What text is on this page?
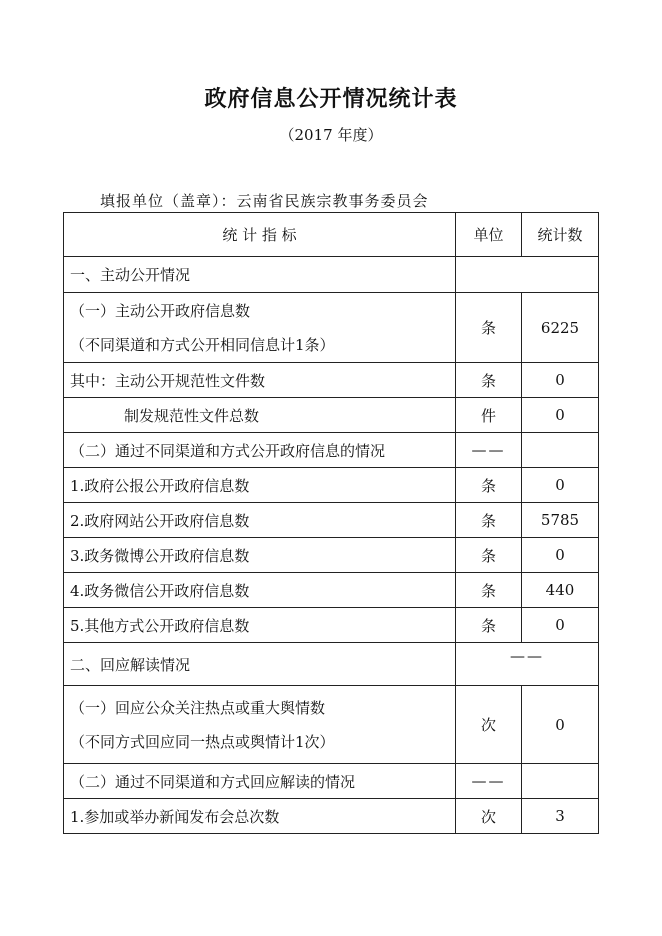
政府信息公开情况统计表
（2017 年度）
填报单位（盖章）：云南省民族宗教事务委员会
统 计 指 标	单位	统计数
一、主动公开情况		

（一）主动公开政府信息数
（不同渠道和方式公开相同信息计1条）	条	6225
其中：主动公开规范性文件数	条	0
制发规范性文件总数	件	0
（二）通过不同渠道和方式公开政府信息的情况	——	
1.政府公报公开政府信息数	条	0
2.政府网站公开政府信息数	条	5785
3.政务微博公开政府信息数	条	0
4.政务微信公开政府信息数	条	440
5.其他方式公开政府信息数	条	0
二、回应解读情况	——	

（一）回应公众关注热点或重大舆情数
（不同方式回应同一热点或舆情计1次）	次	0
（二）通过不同渠道和方式回应解读的情况	——	
1.参加或举办新闻发布会总次数	次	3
